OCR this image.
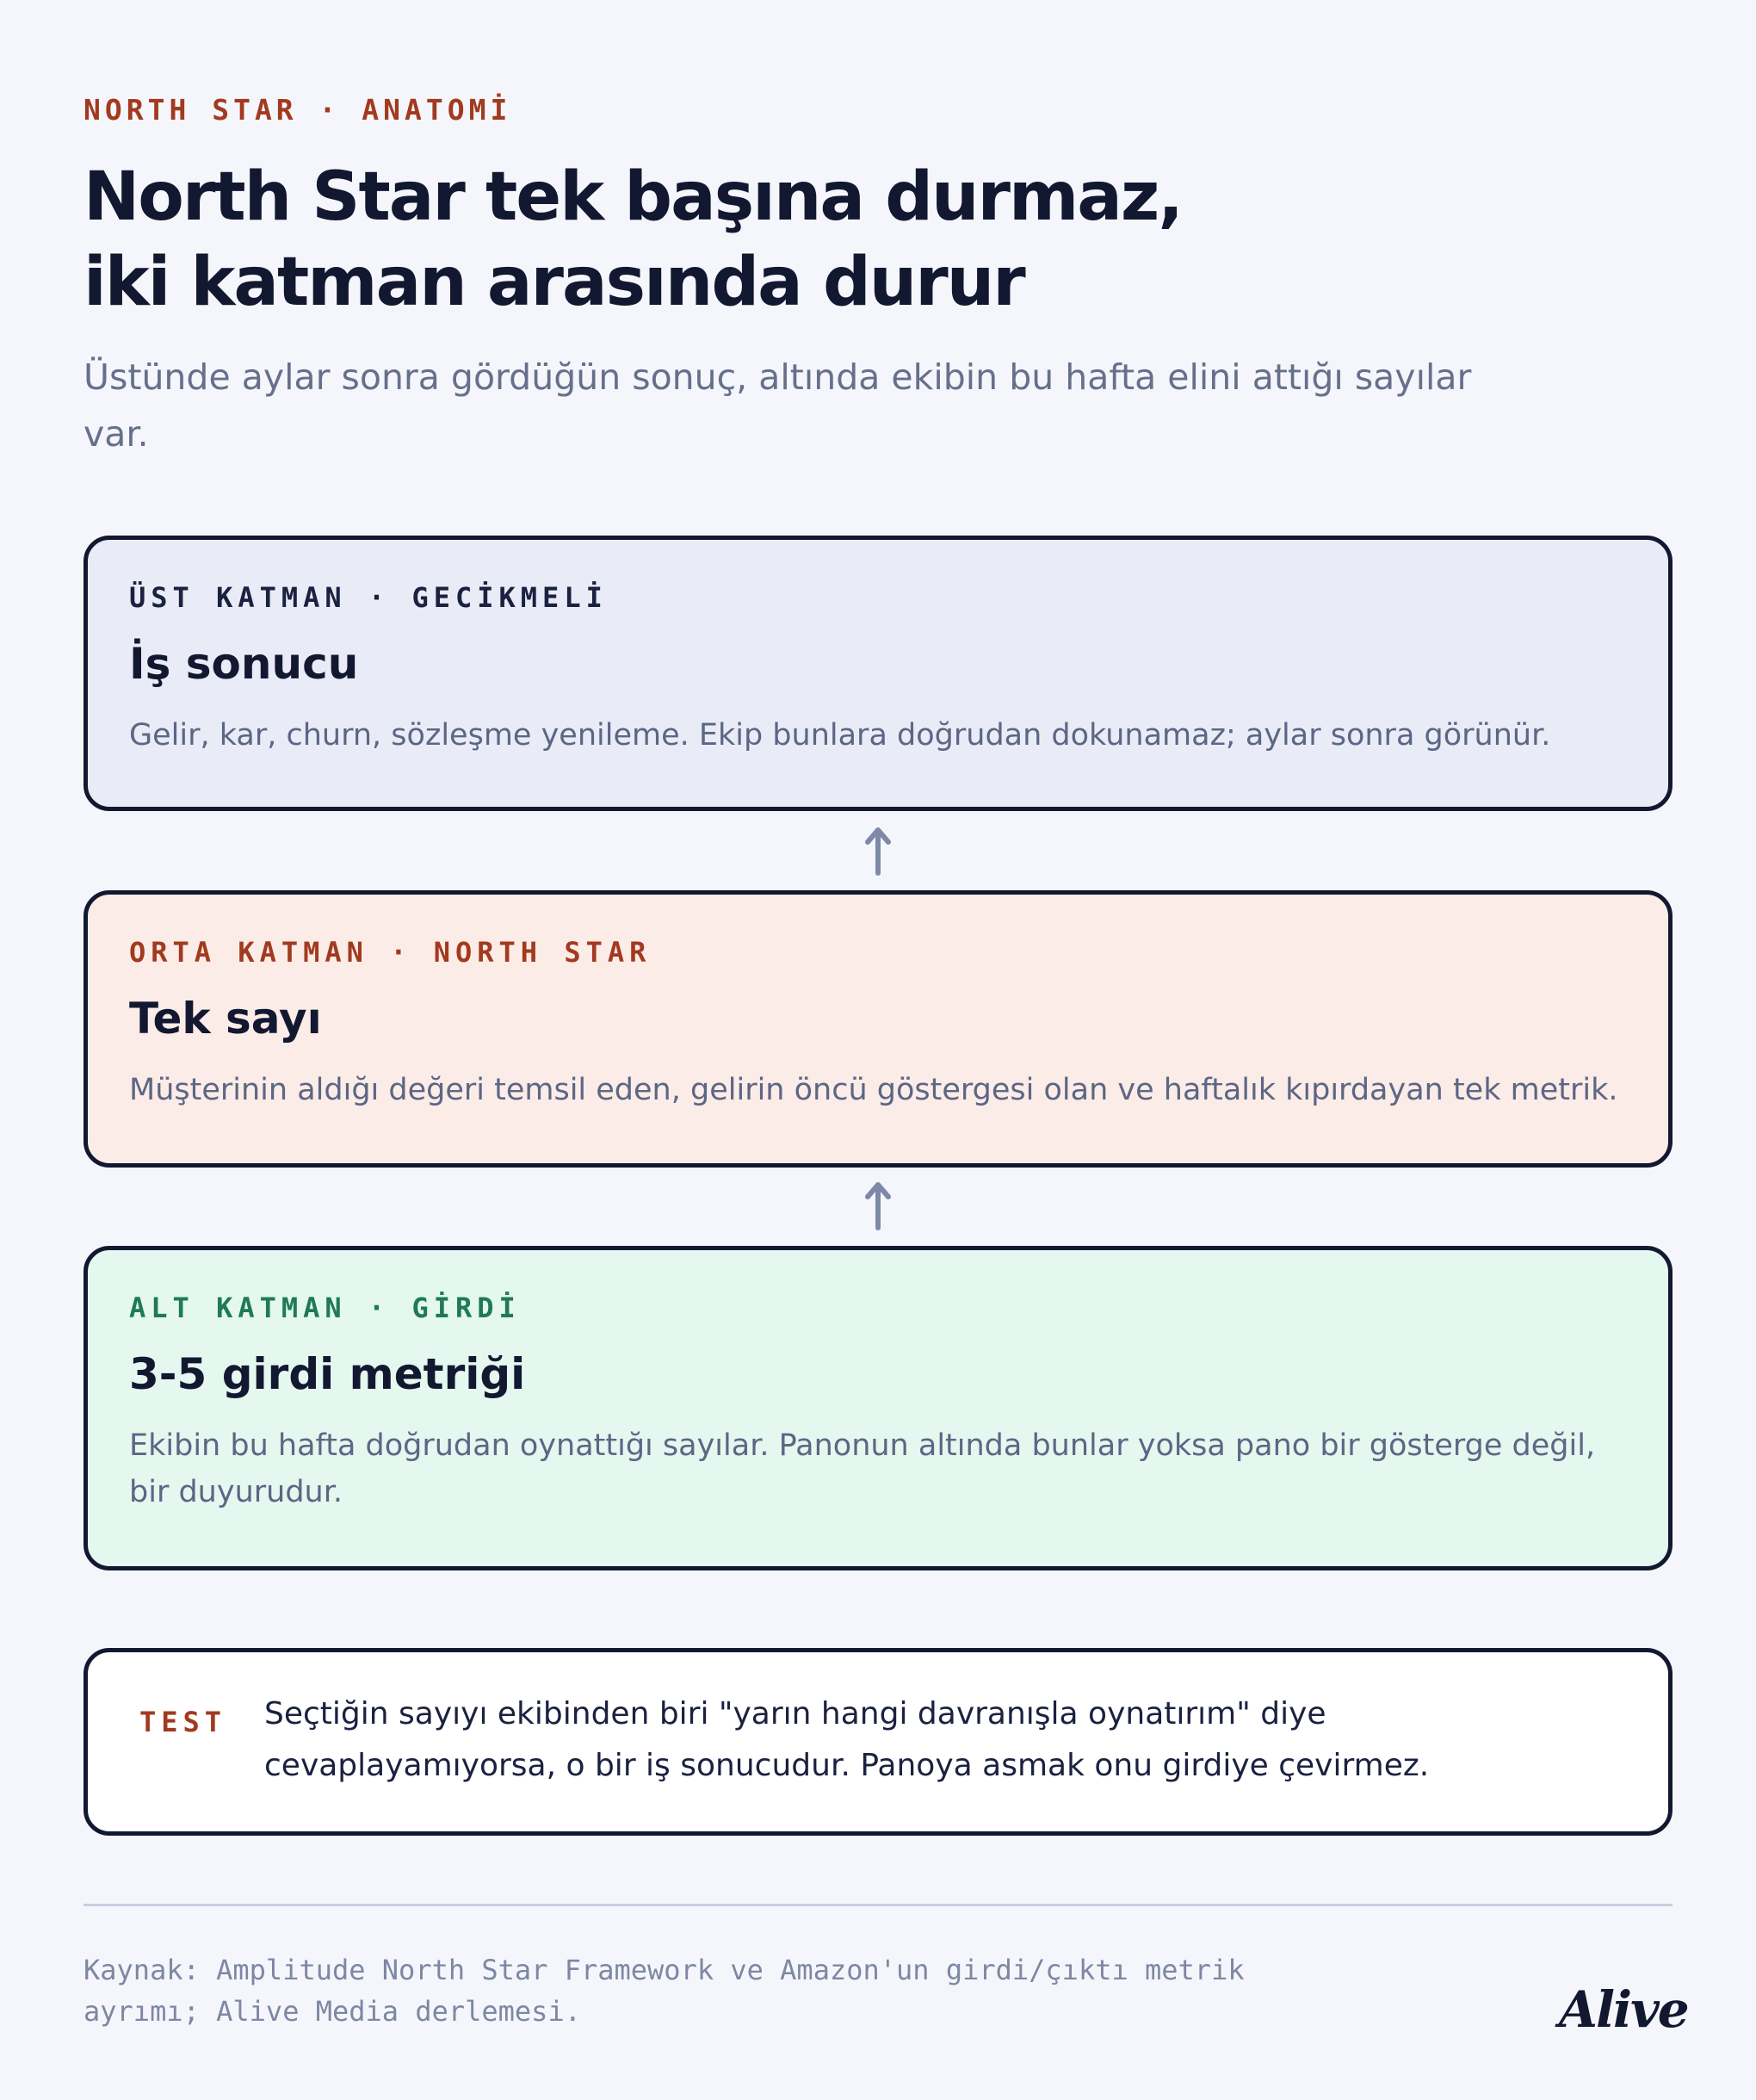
NORTH STAR · ANATOMİ
North Star tek başına durmaz,
iki katman arasında durur

Üstünde aylar sonra gördüğün sonuç, altında ekibin bu hafta elini attığı sayılar var.

ÜST KATMAN · GECİKMELİ
İş sonucu
Gelir, kar, churn, sözleşme yenileme. Ekip bunlara doğrudan dokunamaz; aylar sonra görünür.
ORTA KATMAN · NORTH STAR
Tek sayı
Müşterinin aldığı değeri temsil eden, gelirin öncü göstergesi olan ve haftalık kıpırdayan tek metrik.
ALT KATMAN · GİRDİ
3-5 girdi metriği
Ekibin bu hafta doğrudan oynattığı sayılar. Panonun altında bunlar yoksa pano bir gösterge değil, bir duyurudur.
TEST Seçtiğin sayıyı ekibinden biri "yarın hangi davranışla oynatırım" diye cevaplayamıyorsa, o bir iş sonucudur. Panoya asmak onu girdiye çevirmez.
Kaynak: Amplitude North Star Framework ve Amazon'un girdi/çıktı metrik
ayrımı; Alive Media derlemesi.	Alive
